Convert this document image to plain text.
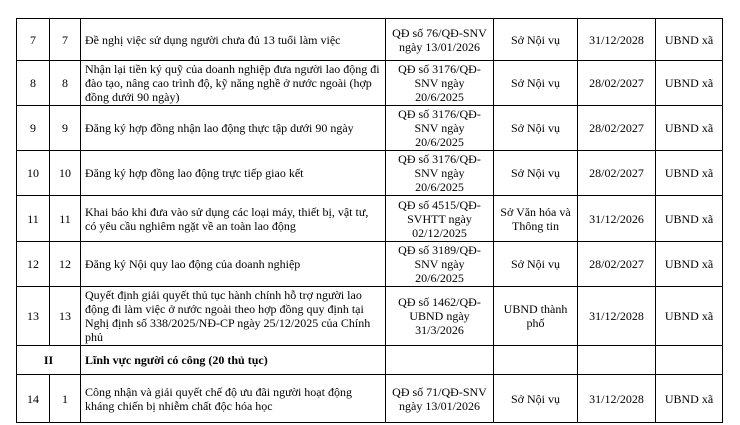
7	7	Đề nghị việc sử dụng người chưa đủ 13 tuổi làm việc	QĐ số 76/QĐ-SNV ngày 13/01/2026	Sở Nội vụ	31/12/2028	UBND xã
8	8	Nhận lại tiền ký quỹ của doanh nghiệp đưa người lao động đi đào tạo, nâng cao trình độ, kỹ năng nghề ở nước ngoài (hợp đồng dưới 90 ngày)	QĐ số 3176/QĐ-SNV ngày 20/6/2025	Sở Nội vụ	28/02/2027	UBND xã
9	9	Đăng ký hợp đồng nhận lao động thực tập dưới 90 ngày	QĐ số 3176/QĐ-SNV ngày 20/6/2025	Sở Nội vụ	28/02/2027	UBND xã
10	10	Đăng ký hợp đồng lao động trực tiếp giao kết	QĐ số 3176/QĐ-SNV ngày 20/6/2025	Sở Nội vụ	28/02/2027	UBND xã
11	11	Khai báo khi đưa vào sử dụng các loại máy, thiết bị, vật tư, có yêu cầu nghiêm ngặt về an toàn lao động	QĐ số 4515/QĐ-SVHTT ngày 02/12/2025	Sở Văn hóa và Thông tin	31/12/2026	UBND xã
12	12	Đăng ký Nội quy lao động của doanh nghiệp	QĐ số 3189/QĐ-SNV ngày 20/6/2025	Sở Nội vụ	28/02/2027	UBND xã
13	13	Quyết định giải quyết thủ tục hành chính hỗ trợ người lao động đi làm việc ở nước ngoài theo hợp đồng quy định tại Nghị định số 338/2025/NĐ-CP ngày 25/12/2025 của Chính phủ	QĐ số 1462/QĐ-UBND ngày 31/3/2026	UBND thành phố	31/12/2028	UBND xã
II		Lĩnh vực người có công (20 thủ tục)				
14	1	Công nhận và giải quyết chế độ ưu đãi người hoạt động kháng chiến bị nhiễm chất độc hóa học	QĐ số 71/QĐ-SNV ngày 13/01/2026	Sở Nội vụ	31/12/2028	UBND xã
